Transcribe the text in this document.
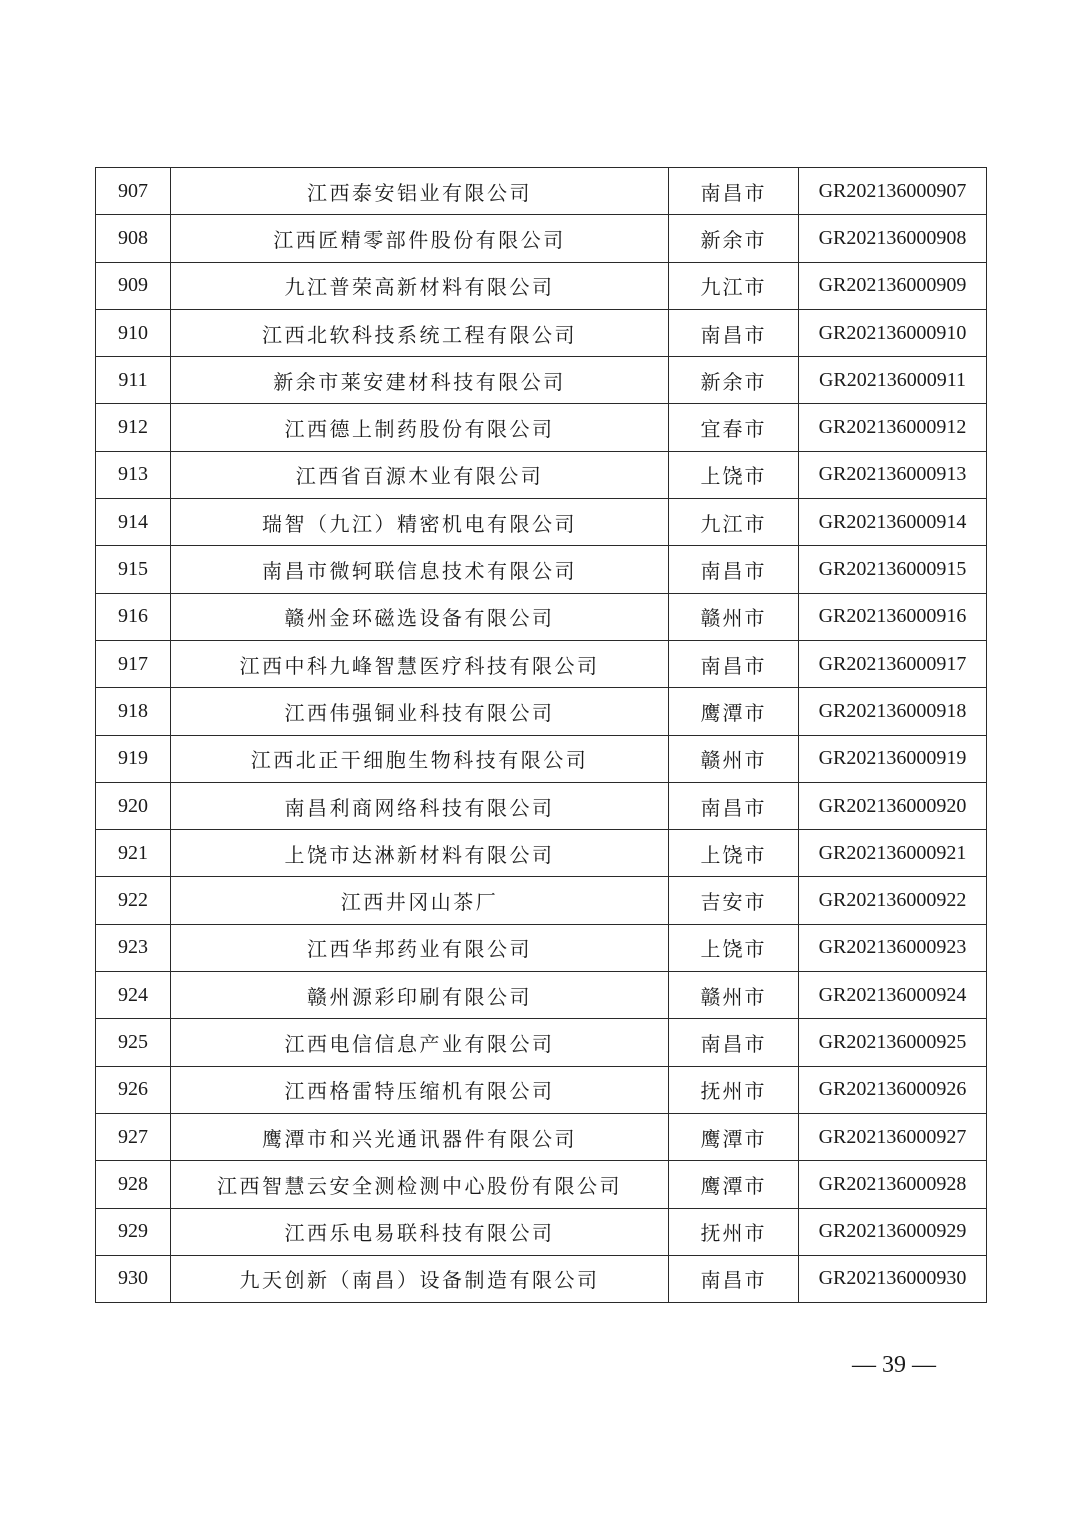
907	江西泰安铝业有限公司	南昌市	GR202136000907
908	江西匠精零部件股份有限公司	新余市	GR202136000908
909	九江普荣高新材料有限公司	九江市	GR202136000909
910	江西北软科技系统工程有限公司	南昌市	GR202136000910
911	新余市莱安建材科技有限公司	新余市	GR202136000911
912	江西德上制药股份有限公司	宜春市	GR202136000912
913	江西省百源木业有限公司	上饶市	GR202136000913
914	瑞智（九江）精密机电有限公司	九江市	GR202136000914
915	南昌市微轲联信息技术有限公司	南昌市	GR202136000915
916	赣州金环磁选设备有限公司	赣州市	GR202136000916
917	江西中科九峰智慧医疗科技有限公司	南昌市	GR202136000917
918	江西伟强铜业科技有限公司	鹰潭市	GR202136000918
919	江西北正干细胞生物科技有限公司	赣州市	GR202136000919
920	南昌利商网络科技有限公司	南昌市	GR202136000920
921	上饶市达淋新材料有限公司	上饶市	GR202136000921
922	江西井冈山茶厂	吉安市	GR202136000922
923	江西华邦药业有限公司	上饶市	GR202136000923
924	赣州源彩印刷有限公司	赣州市	GR202136000924
925	江西电信信息产业有限公司	南昌市	GR202136000925
926	江西格雷特压缩机有限公司	抚州市	GR202136000926
927	鹰潭市和兴光通讯器件有限公司	鹰潭市	GR202136000927
928	江西智慧云安全测检测中心股份有限公司	鹰潭市	GR202136000928
929	江西乐电易联科技有限公司	抚州市	GR202136000929
930	九天创新（南昌）设备制造有限公司	南昌市	GR202136000930
— 39 —
